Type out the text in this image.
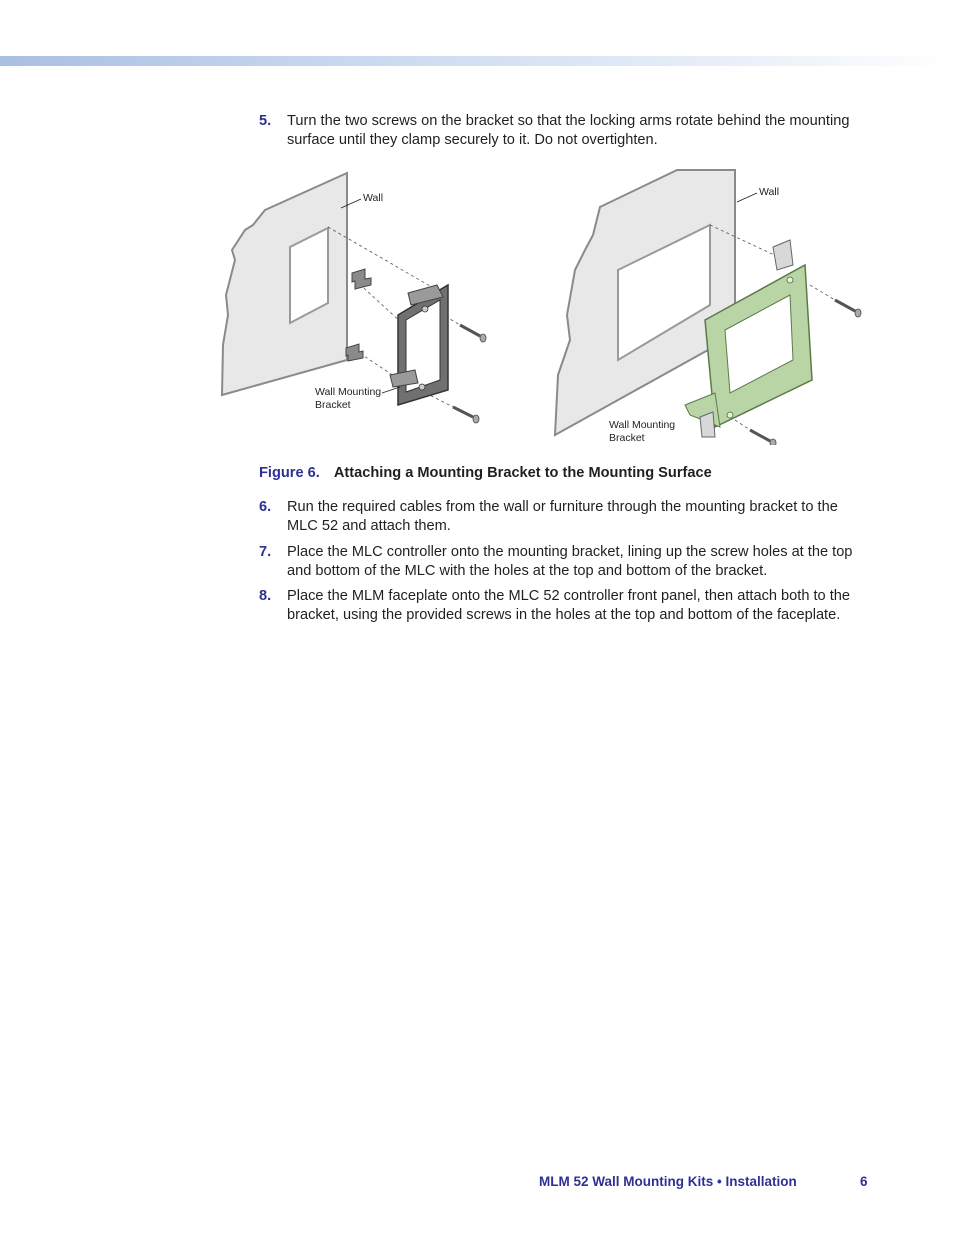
5. Turn the two screws on the bracket so that the locking arms rotate behind the mounting surface until they clamp securely to it. Do not overtighten.
Wall
Wall Mounting
Bracket
Wall
Wall Mounting
Bracket
Figure 6. Attaching a Mounting Bracket to the Mounting Surface
6. Run the required cables from the wall or furniture through the mounting bracket to the MLC 52 and attach them.
7. Place the MLC controller onto the mounting bracket, lining up the screw holes at the top and bottom of the MLC with the holes at the top and bottom of the bracket.
8. Place the MLM faceplate onto the MLC 52 controller front panel, then attach both to the bracket, using the provided screws in the holes at the top and bottom of the faceplate.
MLM 52 Wall Mounting Kits • Installation	6
